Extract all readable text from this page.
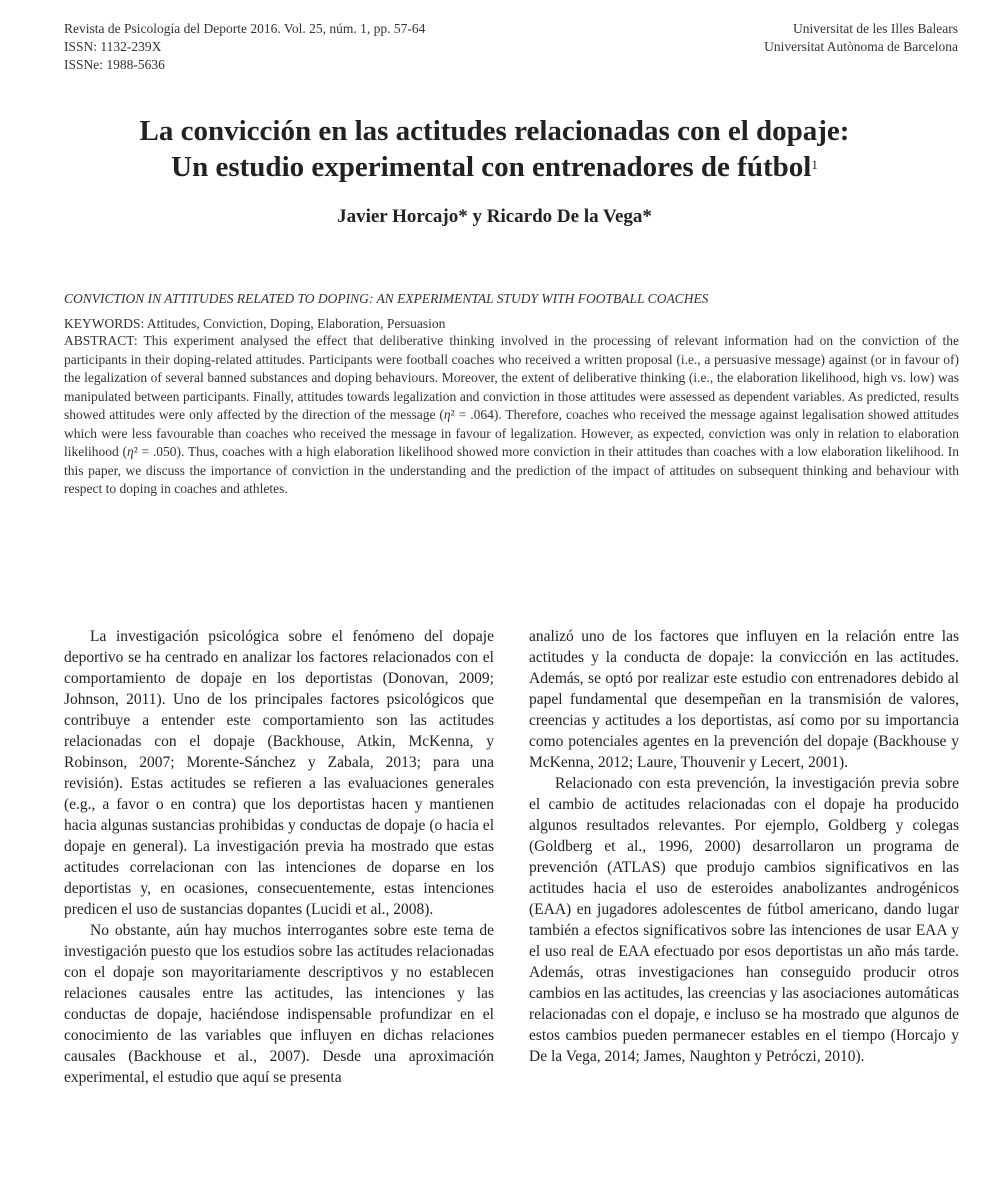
Revista de Psicología del Deporte 2016. Vol. 25, núm. 1, pp. 57-64
ISSN: 1132-239X
ISSNe: 1988-5636
Universitat de les Illes Balears
Universitat Autònoma de Barcelona
La convicción en las actitudes relacionadas con el dopaje:
Un estudio experimental con entrenadores de fútbol$^1$
Javier Horcajo* y Ricardo De la Vega*
CONVICTION IN ATTITUDES RELATED TO DOPING: AN EXPERIMENTAL STUDY WITH FOOTBALL COACHES
KEYWORDS: Attitudes, Conviction, Doping, Elaboration, Persuasion
ABSTRACT: This experiment analysed the effect that deliberative thinking involved in the processing of relevant information had on the conviction of the participants in their doping-related attitudes. Participants were football coaches who received a written proposal (i.e., a persuasive message) against (or in favour of) the legalization of several banned substances and doping behaviours. Moreover, the extent of deliberative thinking (i.e., the elaboration likelihood, high vs. low) was manipulated between participants. Finally, attitudes towards legalization and conviction in those attitudes were assessed as dependent variables. As predicted, results showed attitudes were only affected by the direction of the message (η² = .064). Therefore, coaches who received the message against legalisation showed attitudes which were less favourable than coaches who received the message in favour of legalization. However, as expected, conviction was only in relation to elaboration likelihood (η² = .050). Thus, coaches with a high elaboration likelihood showed more conviction in their attitudes than coaches with a low elaboration likelihood. In this paper, we discuss the importance of conviction in the understanding and the prediction of the impact of attitudes on subsequent thinking and behaviour with respect to doping in coaches and athletes.

La investigación psicológica sobre el fenómeno del dopaje deportivo se ha centrado en analizar los factores relacionados con el comportamiento de dopaje en los deportistas (Donovan, 2009; Johnson, 2011). Uno de los principales factores psicológicos que contribuye a entender este comportamiento son las actitudes relacionadas con el dopaje (Backhouse, Atkin, McKenna, y Robinson, 2007; Morente-Sánchez y Zabala, 2013; para una revisión). Estas actitudes se refieren a las evaluaciones generales (e.g., a favor o en contra) que los deportistas hacen y mantienen hacia algunas sustancias prohibidas y conductas de dopaje (o hacia el dopaje en general). La investigación previa ha mostrado que estas actitudes correlacionan con las intenciones de doparse en los deportistas y, en ocasiones, consecuentemente, estas intenciones predicen el uso de sustancias dopantes (Lucidi et al., 2008).

No obstante, aún hay muchos interrogantes sobre este tema de investigación puesto que los estudios sobre las actitudes relacionadas con el dopaje son mayoritariamente descriptivos y no establecen relaciones causales entre las actitudes, las intenciones y las conductas de dopaje, haciéndose indispensable profundizar en el conocimiento de las variables que influyen en dichas relaciones causales (Backhouse et al., 2007). Desde una aproximación experimental, el estudio que aquí se presenta

analizó uno de los factores que influyen en la relación entre las actitudes y la conducta de dopaje: la convicción en las actitudes. Además, se optó por realizar este estudio con entrenadores debido al papel fundamental que desempeñan en la transmisión de valores, creencias y actitudes a los deportistas, así como por su importancia como potenciales agentes en la prevención del dopaje (Backhouse y McKenna, 2012; Laure, Thouvenir y Lecert, 2001).

Relacionado con esta prevención, la investigación previa sobre el cambio de actitudes relacionadas con el dopaje ha producido algunos resultados relevantes. Por ejemplo, Goldberg y colegas (Goldberg et al., 1996, 2000) desarrollaron un programa de prevención (ATLAS) que produjo cambios significativos en las actitudes hacia el uso de esteroides anabolizantes androgénicos (EAA) en jugadores adolescentes de fútbol americano, dando lugar también a efectos significativos sobre las intenciones de usar EAA y el uso real de EAA efectuado por esos deportistas un año más tarde. Además, otras investigaciones han conseguido producir otros cambios en las actitudes, las creencias y las asociaciones automáticas relacionadas con el dopaje, e incluso se ha mostrado que algunos de estos cambios pueden permanecer estables en el tiempo (Horcajo y De la Vega, 2014; James, Naughton y Petróczi, 2010).
